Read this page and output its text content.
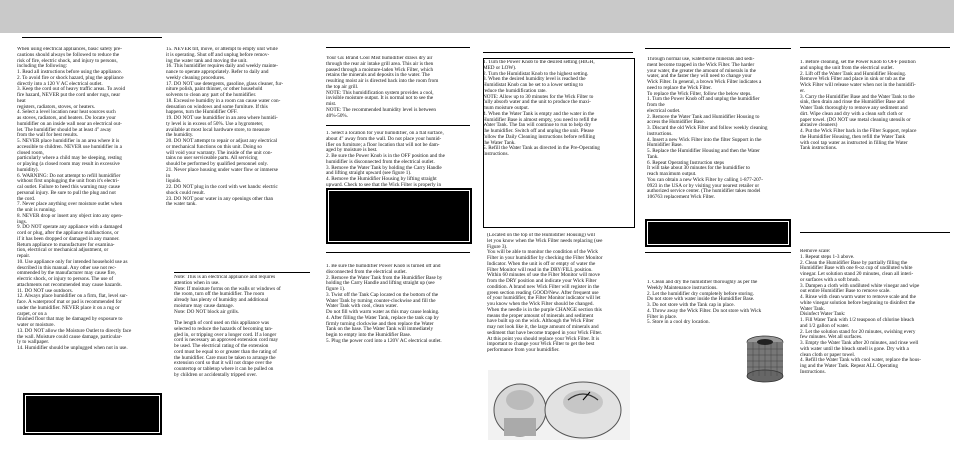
When using electrical appliances, basic safety pre-

cautions should always be followed to reduce the

risk of fire, electric shock, and injury to persons,

including the following:

1. Read all instructions before using the appliance.

2. To avoid fire or shock hazard, plug the appliance

directly into a 120 V AC electrical outlet.

3. Keep the cord out of heavy traffic areas. To avoid

fire hazard, NEVER put the cord under rugs, near

heat

registers, radiators, stoves, or heaters.

4. Select a level location near heat sources such

as stoves, radiators, and heaters. Do locate your

humidifier on an inside wall near an electrical out-

let. The humidifier should be at least 4" away

from the wall for best results.

5. NEVER place humidifier in an area where it is

accessible to children. NEVER use humidifier in a

closed room,

particularly where a child may be sleeping, resting

or playing (a closed room may result in excessive

humidity).

6. WARNING: Do not attempt to refill humidifier

without first unplugging the unit from it's electri-

cal outlet. Failure to heed this warning may cause

personal injury. Be sure to pull the plug and not

the cord.

7. Never place anything over moisture outlet when

the unit is running.

8. NEVER drop or insert any object into any open-

ings.

9. DO NOT operate any appliance with a damaged

cord or plug, after the appliance malfunctions, or

if it has been dropped or damaged in any manner.

Return appliance to manufacturer for examina-

tion, electrical or mechanical adjustment, or

repair.

10. Use appliance only for intended household use as

described in this manual. Any other use not rec-

ommended by the manufacturer may cause fire,

electric shock, or injury to persons. The use of

attachments not recommended may cause hazards.

11. DO NOT use outdoors.

12. Always place humidifier on a firm, flat, level sur-

face. A waterproof mat or pad is recommended for

under the humidifier. NEVER place it on a rug or

carpet, or on a

finished floor that may be damaged by exposure to

water or moisture.

13. DO NOT allow the Moisture Outlet to directly face

the wall. Moisture could cause damage, particular-

ly to wallpaper.

14. Humidifier should be unplugged when not in use.

15. NEVER tilt, move, or attempt to empty unit while

it is operating. Shut off and unplug before remov-

ing the water tank and moving the unit.

16. This humidifier requires daily and weekly mainte-

nance to operate appropriately. Refer to daily and

weekly cleaning procedures.

17. DO NOT use detergents, gasoline, glass cleaner, fur-

niture polish, paint thinner, or other household

solvents to clean any part of the humidifier.

18. Excessive humidity in a room can cause water con-

densation on windows and some furniture. If this

happens, turn the Humidifier OFF.

19. DO NOT use humidifier in an area where humidi-

ty level is in excess of 50%. Use a hygrometer,

available at most local hardware store, to measure

the humidity.

20. DO NOT attempt to repair or adjust any electrical

or mechanical functions on this unit. Doing so

will void your warranty. The inside of the unit con-

tains no user serviceable parts. All servicing

should be performed by qualified personnel only.

21. Never place housing under water flow or immerse

in

liquids.

22. DO NOT plug in the cord with wet hands: electric

shock could result.

23. DO NOT pour water in any openings other than

the water tank.

Note: This is an electrical appliance and requires

attention when in use.

Note: If moisture forms on the walls or windows of

the room, turn off the humidifier. The room

already has plenty of humidity and additional

moisture may cause damage.

Note: DO NOT block air grills.

The length of cord used on this appliance was

selected to reduce the hazards of becoming tan-

gled in, or tripping over a longer cord. If a longer

cord is necessary an approved extension cord may

be used. The electrical rating of the extension

cord must be equal to or greater than the rating of

the humidifier. Care must be taken to arrange the

extension cord so that it will not drape over the

countertop or tabletop where it can be pulled on

by children or accidentally tripped over.

Your GE Brand Cool Mist humidifier draws dry air

through the rear air intake grill area. This air is then

passed through a moisture-laden Wick Filter, which

retains the minerals and deposits in the water. The

resulting moist air is directed back into the room from

the top air grill.

NOTE: This humidification system provides a cool,

invisible moisture output. It is normal not to see the

mist.

NOTE: The recommended humidity level is between

40%-50%.

1. Select a location for your humidifier, on a flat surface,

about 4" away from the wall. Do not place your humid-

ifier on furniture; a floor location that will not be dam-

aged by moisture is best.

2. Be sure the Power Knob is in the OFF position and the

humidifier is disconnected from the electrical outlet.

3. Remove the Water Tank by holding the Carry Handle

and lifting straight upward (see figure 1).

4. Remove the Humidifier Housing by lifting straight

upward. Check to see that the Wick Filter is properly in

1. Be sure the humidifier Power Knob is turned off and

disconnected from the electrical outlet.

2. Remove the Water Tank from the Humidifier Base by

holding the Carry Handle and lifting straight up (see

figure 1).

3. Twist off the Tank Cap located on the bottom of the

Water Tank by turning counter-clockwise and fill the

Water Tank with cool, clean water.

Do not fill with warm water as this may cause leaking.

4. After filling the Water Tank, replace the tank cap by

firmly turning clockwise and then replace the Water

Tank on the base. The Water Tank will immediately

begin to empty into the Humidifier Base.

5. Plug the power cord into a 120V AC electrical outlet.

1. Turn the Power Knob to the desired setting (HIGH,

MED or LOW).

2. Turn the Humidistat Knob to the highest setting.

3. When the desired humidity level is reached the

Humidistat Knob can be set to a lower setting to

reduce the humidification rate.

NOTE: Allow up to 30 minutes for the Wick Filter to

fully absorb water and the unit to produce the maxi-

mum moisture output.

4. When the Water Tank is empty and the water in the

Humidifier Base is almost empty, you need to refill the

Water Tank. The fan will continue to run to help dry

the humidifier. Switch off and unplug the unit. Please

follow the Daily Cleaning instructions before refilling

the Water Tank.

5. Refill the Water Tank as directed in the Pre-Operating

Instructions.

(Located on the top of the Humidifier Housing) will

let you know when the Wick Filter needs replacing (see

Figure 3).

You will be able to monitor the condition of the Wick

Filter in your humidifier by checking the Filter Monitor

Indicator. When the unit is off or empty of water the

Filter Monitor will read in the DRY/FILL position.

Within 60 minutes of use the Filter Monitor will move

from the DRY position and indicate your Wick Filter

condition. A brand new Wick Filter will register in the

green section reading GOOD/New. After frequent use

of your humidifier, the Filter Monitor indicator will let

you know when the Wick Filter should be changed.

When the needle is in the purple CHANGE section this

means the proper amount of minerals and sediment

have built up on the wick. Although the Wick Filter

may not look like it, the large amount of minerals and

sediment that have become trapped in your Wick Filter.

At this point you should replace your Wick Filter. It is

important to change your Wick Filter to get the best

performance from your humidifier.

Through normal use, waterborne minerals and sedi-

ment become trapped in the Wick Filter. The harder

your water, the greater the amount of minerals in the

water, and the faster they will need to change your

Wick Filter. In general, a brown Wick Filter indicates a

need to replace the Wick Filter.

To replace the Wick Filter, follow the below steps.

1. Turn the Power Knob off and unplug the humidifier

from the

electrical outlet.

2. Remove the Water Tank and Humidifier Housing to

access the Humidifier Base.

3. Discard the old Wick Filter and follow weekly cleaning

instructions.

4. Insert a new Wick Filter into the filter Support in the

Humidifier Base.

5. Replace the Humidifier Housing and then the Water

Tank.

6. Repeat Operating Instruction steps

It will take about 30 minutes for the humidifier to

reach maximum output.

You can obtain a new Wick Filter by calling 1-877-207-

0923 in the USA or by visiting your nearest retailer or

authorized service center. (The humidifier takes model

106763 replacement Wick Filter.

1. Clean and dry the humidifier thoroughly as per the

Weekly Maintenance instructions.

2. Let the humidifier dry completely before storing.

Do not store with water inside the Humidifier Base.

3. Do not store with the Tank cap in place.

4. Throw away the Wick Filter. Do not store with Wick

Filter in place.

5. Store in a cool dry location.

1. Before cleaning, set the Power Knob to OFF position

and unplug the unit from the electrical outlet.

2. Lift off the Water Tank and Humidifier Housing.

Remove Wick Filter and place in sink or tub as the

Wick Filter will release water when not in the humidifi-

er.

3. Carry the Humidifier Base and the Water Tank to the

sink, then drain and rinse the Humidifier Base and

Water Tank thoroughly to remove any sediment and

dirt. Wipe clean and dry with a clean soft cloth or

paper towel. (DO NOT use metal cleaning utensils or

abrasive cleaners)

4. Put the Wick Filter back in the Filter Support, replace

the Humidifier Housing, then refill the Water Tank

with cool tap water as instructed in filling the Water

Tank instructions.

Remove scale:

1. Repeat steps 1-3 above.

2. Clean the Humidifier Base by partially filling the

Humidifier Base with one 8-oz cup of undiluted white

vinegar. Let solution stand 20 minutes, clean all interi-

or surfaces with a soft brush.

3. Dampen a cloth with undiluted white vinegar and wipe

out entire Humidifier Base to remove scale.

4. Rinse with clean warm water to remove scale and the

white vinegar solution before beginning to disinfect the

Water Tank.

Disinfect Water Tank:

1. Fill Water Tank with 1/2 teaspoon of chlorine bleach

and 1/2 gallon of water.

2. Let the solution stand for 20 minutes, swishing every

few minutes. Wet all surfaces.

3. Empty the Water Tank after 20 minutes, and rinse well

with water until the bleach smell is gone. Dry with a

clean cloth or paper towel.

4. Refill the Water Tank with cool water, replace the hous-

ing and the Water Tank. Repeat ALL Operating

Instructions.
